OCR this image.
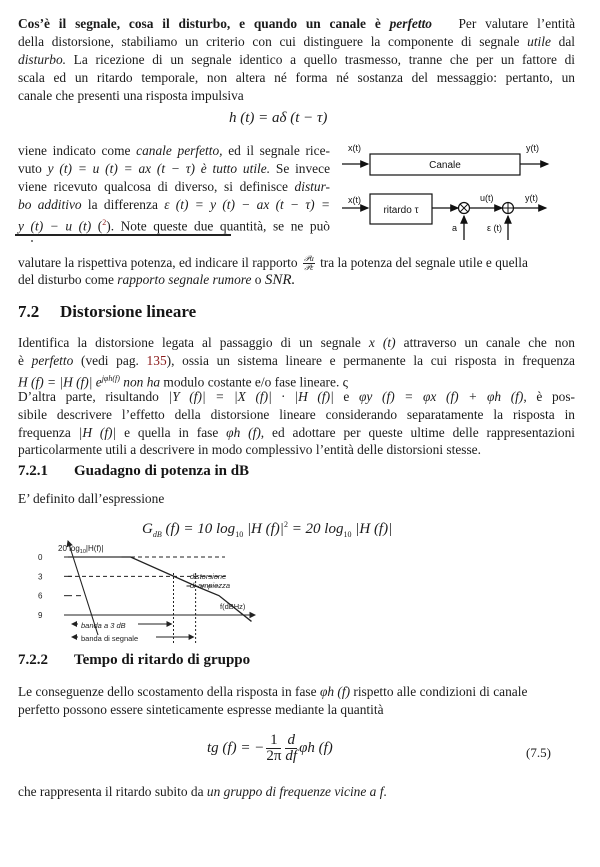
Cos’è il segnale, cosa il disturbo, e quando un canale è perfetto Per valutare l’entità
della distorsione, stabiliamo un criterio con cui distinguere la componente di segnale utile dal
disturbo. La ricezione di un segnale identico a quello trasmesso, tranne che per un fattore di
scala ed un ritardo temporale, non altera né forma né sostanza del messaggio: pertanto, un
canale che presenti una risposta impulsiva
h (t) = aδ (t − τ)
viene indicato come canale perfetto, ed il segnale rice-
vuto y (t) = u (t) = ax (t − τ) è tutto utile. Se invece
viene ricevuto qualcosa di diverso, si definisce distur-
bo additivo la differenza ε (t) = y (t) − ax (t − τ) =
y (t) − u (t) ($^2$). Note queste due quantità, se ne può
x(t)
Canale
y(t)
x(t)
ritardo τ
u(t)	y(t)
a	ε (t)
valutare la rispettiva potenza, ed indicare il rapporto $\frac{\text{𝒫u}}{\text{𝒫ε}}$ tra la potenza del segnale utile e quella
del disturbo come rapporto segnale rumore o SNR.
7.2 Distorsione lineare
Identifica la distorsione legata al passaggio di un segnale x (t) attraverso un canale che non
è perfetto (vedi pag. 135), ossia un sistema lineare e permanente la cui risposta in frequenza
H (f) = |H (f)| $e^{j\varphi h(f)}$ non ha modulo costante e/o fase lineare. ς
D’altra parte, risultando |Y (f)| = |X (f)| · |H (f)| e φy (f) = φx (f) + φh (f), è pos-
sibile descrivere l’effetto della distorsione lineare considerando separatamente la risposta in
frequenza |H (f)| e quella in fase φh (f), ed adottare per queste ultime delle rappresentazioni
particolarmente utili a descrivere in modo complessivo l’entità delle distorsioni stesse.
7.2.1 Guadagno di potenza in dB
E’ definito dall’espressione
$G_{dB}$ (f) = 10 $\log_{10} |H$ $(f)|^2 = 20$ $\log_{10} |H$ (f)|
0
3
6
9
20 $\log_{10}|H(f)|$
f(dBHz)
distorsione
di ampiezza
banda a 3 dB
banda di segnale
7.2.2 Tempo di ritardo di gruppo
Le conseguenze dello scostamento della risposta in fase φh (f) rispetto alle condizioni di canale
perfetto possono essere sinteticamente espresse mediante la quantità
tg (f) = − $\frac{1}{2\pi} \frac{d}{df}$ φh (f)	(7.5)
che rappresenta il ritardo subito da un gruppo di frequenze vicine a f.
